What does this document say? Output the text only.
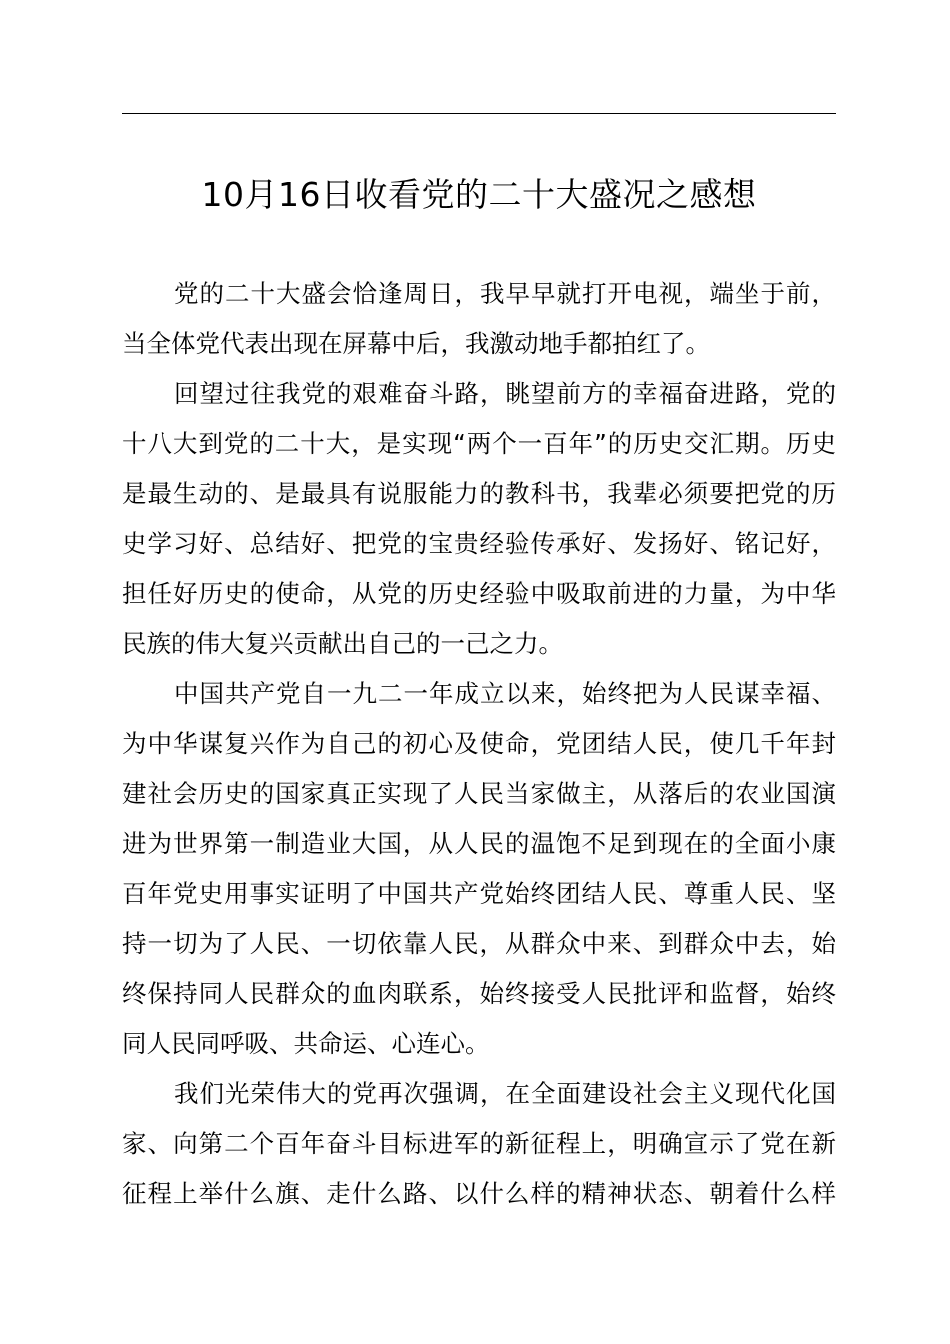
10月16日收看党的二十大盛况之感想
党的二十大盛会恰逢周日，我早早就打开电视，端坐于前，
当全体党代表出现在屏幕中后，我激动地手都拍红了。
回望过往我党的艰难奋斗路，眺望前方的幸福奋进路，党的
十八大到党的二十大，是实现“两个一百年”的历史交汇期。历史
是最生动的、是最具有说服能力的教科书，我辈必须要把党的历
史学习好、总结好、把党的宝贵经验传承好、发扬好、铭记好，
担任好历史的使命，从党的历史经验中吸取前进的力量，为中华
民族的伟大复兴贡献出自己的一己之力。
中国共产党自一九二一年成立以来，始终把为人民谋幸福、
为中华谋复兴作为自己的初心及使命，党团结人民，使几千年封
建社会历史的国家真正实现了人民当家做主，从落后的农业国演
进为世界第一制造业大国，从人民的温饱不足到现在的全面小康
百年党史用事实证明了中国共产党始终团结人民、尊重人民、坚
持一切为了人民、一切依靠人民，从群众中来、到群众中去，始
终保持同人民群众的血肉联系，始终接受人民批评和监督，始终
同人民同呼吸、共命运、心连心。
我们光荣伟大的党再次强调，在全面建设社会主义现代化国
家、向第二个百年奋斗目标进军的新征程上，明确宣示了党在新
征程上举什么旗、走什么路、以什么样的精神状态、朝着什么样
